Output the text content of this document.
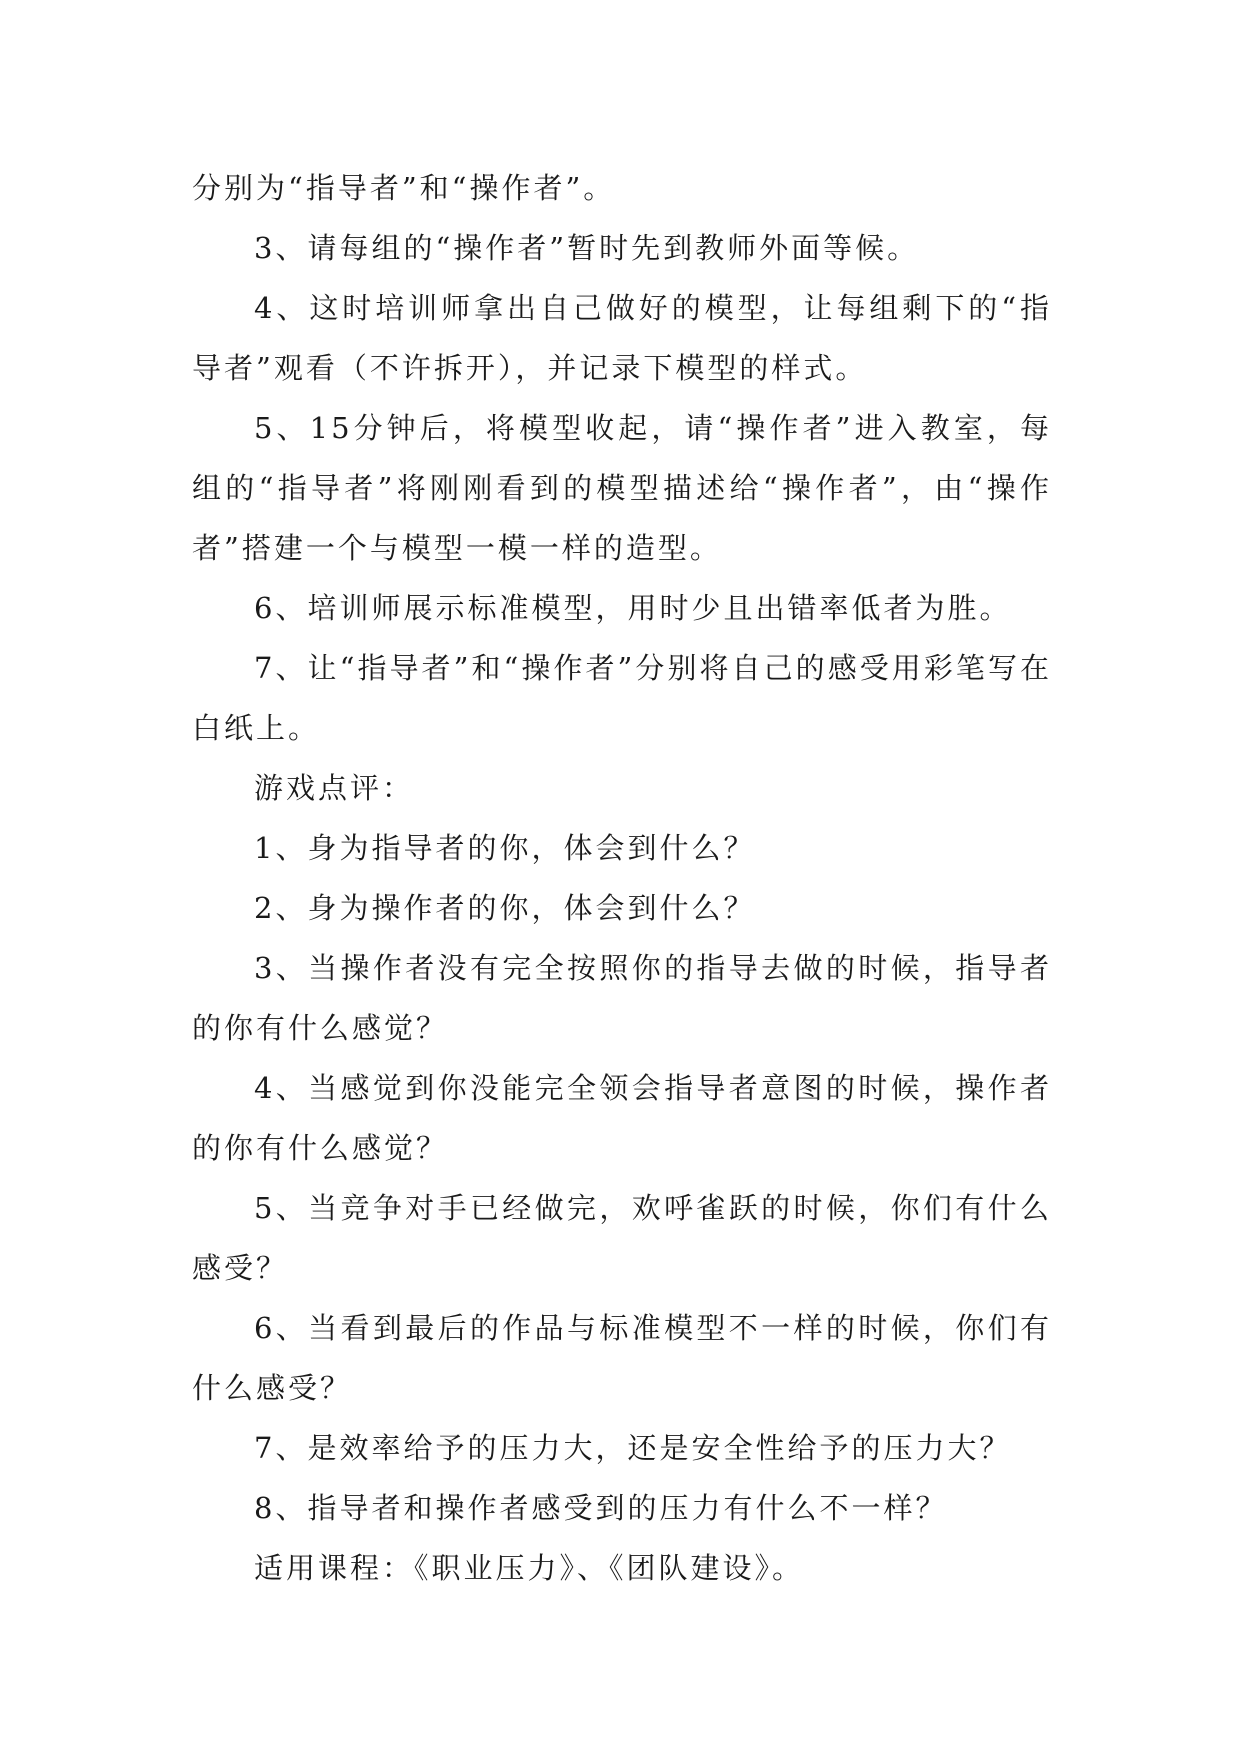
分别为“指导者”和“操作者”。

3、请每组的“操作者”暂时先到教师外面等候。

4、这时培训师拿出自己做好的模型，让每组剩下的“指导者”观看（不许拆开），并记录下模型的样式。

5、15分钟后，将模型收起，请“操作者”进入教室，每组的“指导者”将刚刚看到的模型描述给“操作者”，由“操作者”搭建一个与模型一模一样的造型。

6、培训师展示标准模型，用时少且出错率低者为胜。

7、让“指导者”和“操作者”分别将自己的感受用彩笔写在白纸上。

游戏点评：

1、身为指导者的你，体会到什么？

2、身为操作者的你，体会到什么？

3、当操作者没有完全按照你的指导去做的时候，指导者的你有什么感觉？

4、当感觉到你没能完全领会指导者意图的时候，操作者的你有什么感觉？

5、当竞争对手已经做完，欢呼雀跃的时候，你们有什么感受？

6、当看到最后的作品与标准模型不一样的时候，你们有什么感受？

7、是效率给予的压力大，还是安全性给予的压力大？

8、指导者和操作者感受到的压力有什么不一样？

适用课程：《职业压力》、《团队建设》。
